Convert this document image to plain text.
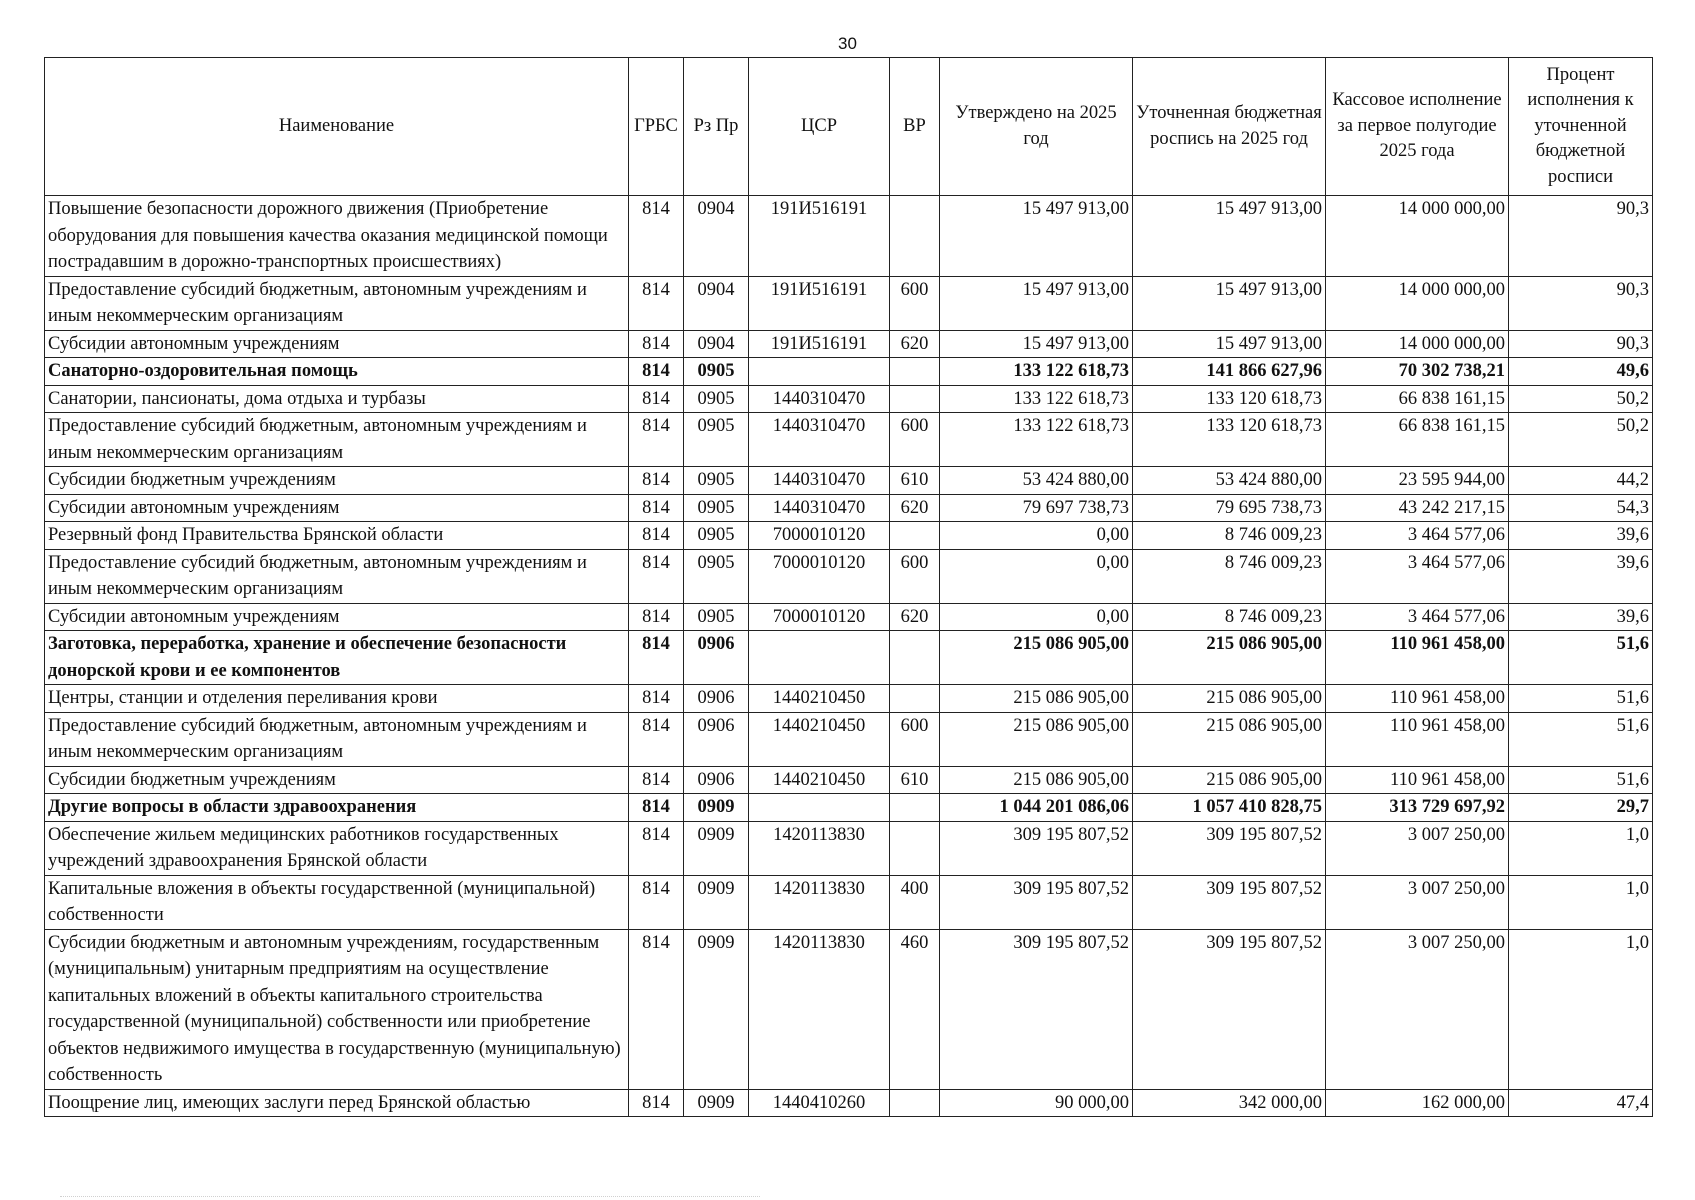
30
Наименование	ГРБС	Рз Пр	ЦСР	ВР	Утверждено на 2025 год	Уточненная бюджетная роспись на 2025 год	Кассовое исполнение за первое полугодие 2025 года	Процент исполнения к уточненной бюджетной росписи
Повышение безопасности дорожного движения (Приобретение оборудования для повышения качества оказания медицинской помощи пострадавшим в дорожно-транспортных происшествиях)	814	0904	191И516191		15 497 913,00	15 497 913,00	14 000 000,00	90,3
Предоставление субсидий бюджетным, автономным учреждениям и иным некоммерческим организациям	814	0904	191И516191	600	15 497 913,00	15 497 913,00	14 000 000,00	90,3
Субсидии автономным учреждениям	814	0904	191И516191	620	15 497 913,00	15 497 913,00	14 000 000,00	90,3
Санаторно-оздоровительная помощь	814	0905			133 122 618,73	141 866 627,96	70 302 738,21	49,6
Санатории, пансионаты, дома отдыха и турбазы	814	0905	1440310470		133 122 618,73	133 120 618,73	66 838 161,15	50,2
Предоставление субсидий бюджетным, автономным учреждениям и иным некоммерческим организациям	814	0905	1440310470	600	133 122 618,73	133 120 618,73	66 838 161,15	50,2
Субсидии бюджетным учреждениям	814	0905	1440310470	610	53 424 880,00	53 424 880,00	23 595 944,00	44,2
Субсидии автономным учреждениям	814	0905	1440310470	620	79 697 738,73	79 695 738,73	43 242 217,15	54,3
Резервный фонд Правительства Брянской области	814	0905	7000010120		0,00	8 746 009,23	3 464 577,06	39,6
Предоставление субсидий бюджетным, автономным учреждениям и иным некоммерческим организациям	814	0905	7000010120	600	0,00	8 746 009,23	3 464 577,06	39,6
Субсидии автономным учреждениям	814	0905	7000010120	620	0,00	8 746 009,23	3 464 577,06	39,6
Заготовка, переработка, хранение и обеспечение безопасности донорской крови и ее компонентов	814	0906			215 086 905,00	215 086 905,00	110 961 458,00	51,6
Центры, станции и отделения переливания крови	814	0906	1440210450		215 086 905,00	215 086 905,00	110 961 458,00	51,6
Предоставление субсидий бюджетным, автономным учреждениям и иным некоммерческим организациям	814	0906	1440210450	600	215 086 905,00	215 086 905,00	110 961 458,00	51,6
Субсидии бюджетным учреждениям	814	0906	1440210450	610	215 086 905,00	215 086 905,00	110 961 458,00	51,6
Другие вопросы в области здравоохранения	814	0909			1 044 201 086,06	1 057 410 828,75	313 729 697,92	29,7
Обеспечение жильем медицинских работников государственных учреждений здравоохранения Брянской области	814	0909	1420113830		309 195 807,52	309 195 807,52	3 007 250,00	1,0
Капитальные вложения в объекты государственной (муниципальной) собственности	814	0909	1420113830	400	309 195 807,52	309 195 807,52	3 007 250,00	1,0
Субсидии бюджетным и автономным учреждениям, государственным (муниципальным) унитарным предприятиям на осуществление капитальных вложений в объекты капитального строительства государственной (муниципальной) собственности или приобретение объектов недвижимого имущества в государственную (муниципальную) собственность	814	0909	1420113830	460	309 195 807,52	309 195 807,52	3 007 250,00	1,0
Поощрение лиц, имеющих заслуги перед Брянской областью	814	0909	1440410260		90 000,00	342 000,00	162 000,00	47,4
